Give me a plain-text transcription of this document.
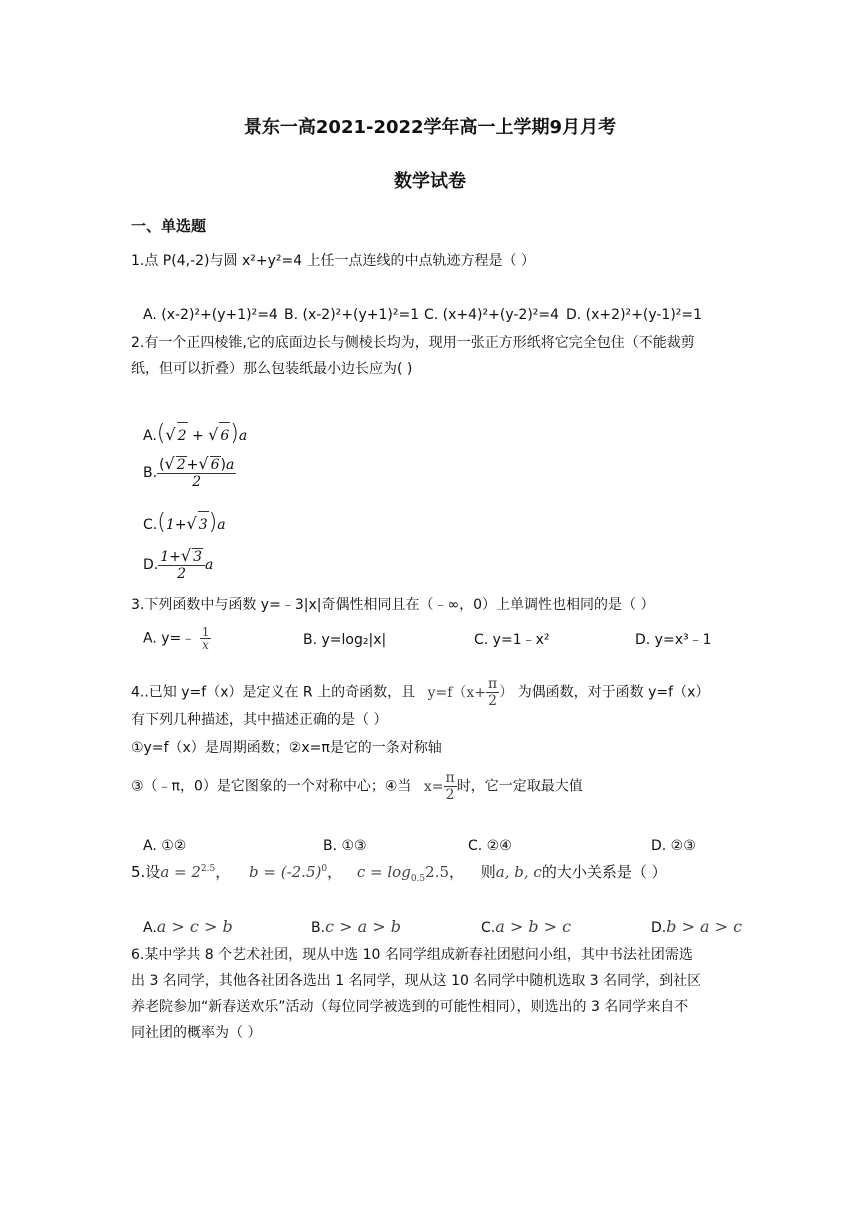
景东一高2021-2022学年高一上学期9月月考
数学试卷
一、单选题
1.点 P(4,-2)与圆 x²+y²=4 上任一点连线的中点轨迹方程是（ ）
A. (x-2)²+(y+1)²=4 B. (x-2)²+(y+1)²=1 C. (x+4)²+(y-2)²=4 D. (x+2)²+(y-1)²=1
2.有一个正四棱锥,它的底面边长与侧棱长均为，现用一张正方形纸将它完全包住（不能裁剪
纸，但可以折叠）那么包装纸最小边长应为( )
A.(√ 2 + √ 6)a
B. $\frac{(√ 2+√ 6)a}{2}$
C.(1+√ 3)a
D. $\frac{1+√ 3}{2}$ a
3.下列函数中与函数 y=﹣3|x|奇偶性相同且在（﹣∞，0）上单调性也相同的是（ ）
A. y=﹣ $\frac{1}{x}$	B. y=log₂|x|	C. y=1﹣x²	D. y=x³﹣1
4..已知 y=f（x）是定义在 R 上的奇函数，且 $y=f(x+ \frac{\pi}{2}$ ） 为偶函数，对于函数 y=f（x）
有下列几种描述，其中描述正确的是（ ）
①y=f（x）是周期函数；②x=π是它的一条对称轴
③（﹣π，0）是它图象的一个对称中心；④当 $x= \frac{\pi}{2}$ 时，它一定取最大值
A. ①②	B. ①③	C. ②④	D. ②③
5.设$a = 2^{2.5}$， $b = (-2.5)^0$， $c = \log_{0.5}2.5$， 则a, b, c的大小关系是（ ）
A.a > c > b	B.c > a > b	C.a > b > c	D.b > a > c
6.某中学共 8 个艺术社团，现从中选 10 名同学组成新春社团慰问小组，其中书法社团需选
出 3 名同学，其他各社团各选出 1 名同学，现从这 10 名同学中随机选取 3 名同学，到社区
养老院参加“新春送欢乐”活动（每位同学被选到的可能性相同），则选出的 3 名同学来自不
同社团的概率为（ ）
